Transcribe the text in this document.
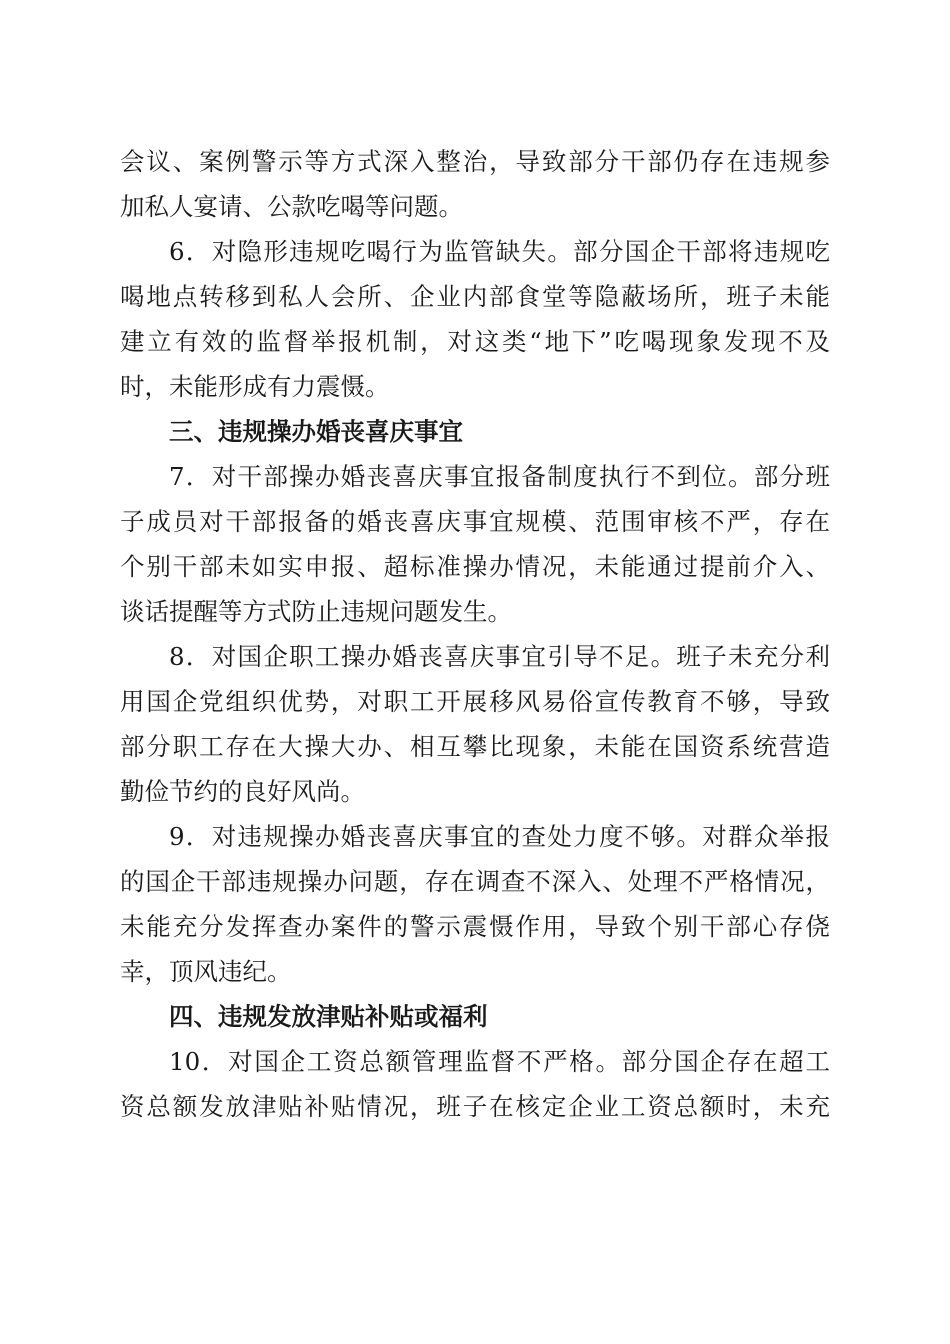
会议、案例警示等方式深入整治，导致部分干部仍存在违规参
加私人宴请、公款吃喝等问题。
6．对隐形违规吃喝行为监管缺失。部分国企干部将违规吃
喝地点转移到私人会所、企业内部食堂等隐蔽场所，班子未能
建立有效的监督举报机制，对这类“地下”吃喝现象发现不及
时，未能形成有力震慑。
三、违规操办婚丧喜庆事宜
7．对干部操办婚丧喜庆事宜报备制度执行不到位。部分班
子成员对干部报备的婚丧喜庆事宜规模、范围审核不严，存在
个别干部未如实申报、超标准操办情况，未能通过提前介入、
谈话提醒等方式防止违规问题发生。
8．对国企职工操办婚丧喜庆事宜引导不足。班子未充分利
用国企党组织优势，对职工开展移风易俗宣传教育不够，导致
部分职工存在大操大办、相互攀比现象，未能在国资系统营造
勤俭节约的良好风尚。
9．对违规操办婚丧喜庆事宜的查处力度不够。对群众举报
的国企干部违规操办问题，存在调查不深入、处理不严格情况，
未能充分发挥查办案件的警示震慑作用，导致个别干部心存侥
幸，顶风违纪。
四、违规发放津贴补贴或福利
10．对国企工资总额管理监督不严格。部分国企存在超工
资总额发放津贴补贴情况，班子在核定企业工资总额时，未充
